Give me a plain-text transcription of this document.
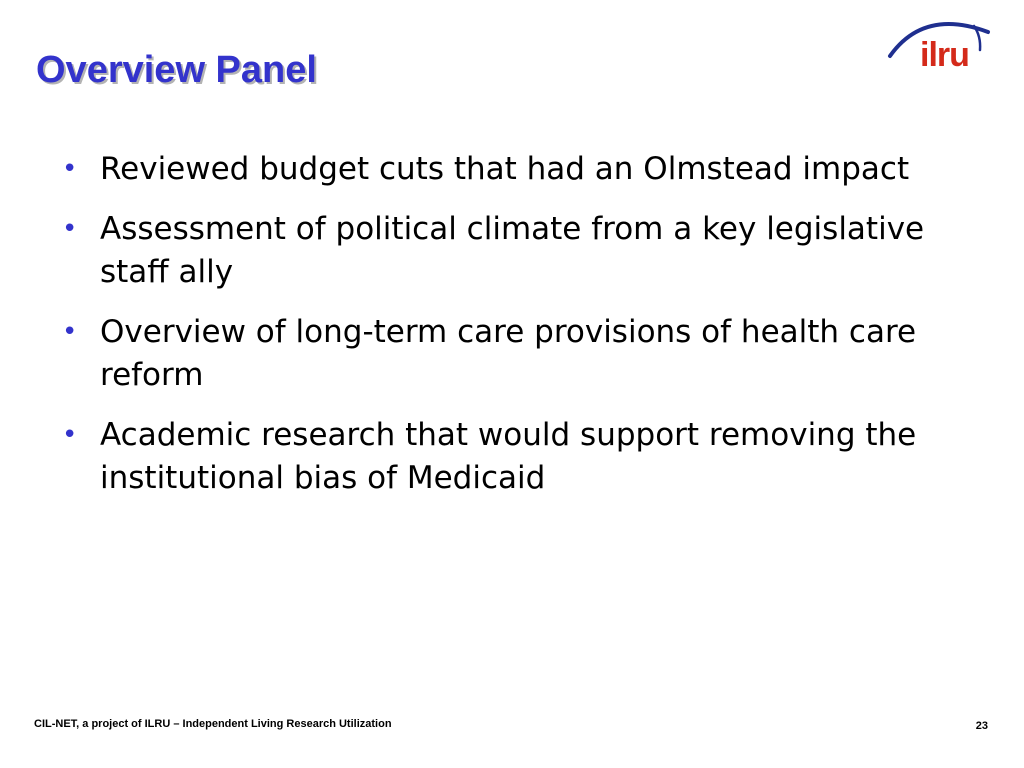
Overview Panel	ilru
• Reviewed budget cuts that had an Olmstead impact
• Assessment of political climate from a key legislative staff ally
• Overview of long-term care provisions of health care reform
• Academic research that would support removing the institutional bias of Medicaid
CIL-NET, a project of ILRU – Independent Living Research Utilization	23
